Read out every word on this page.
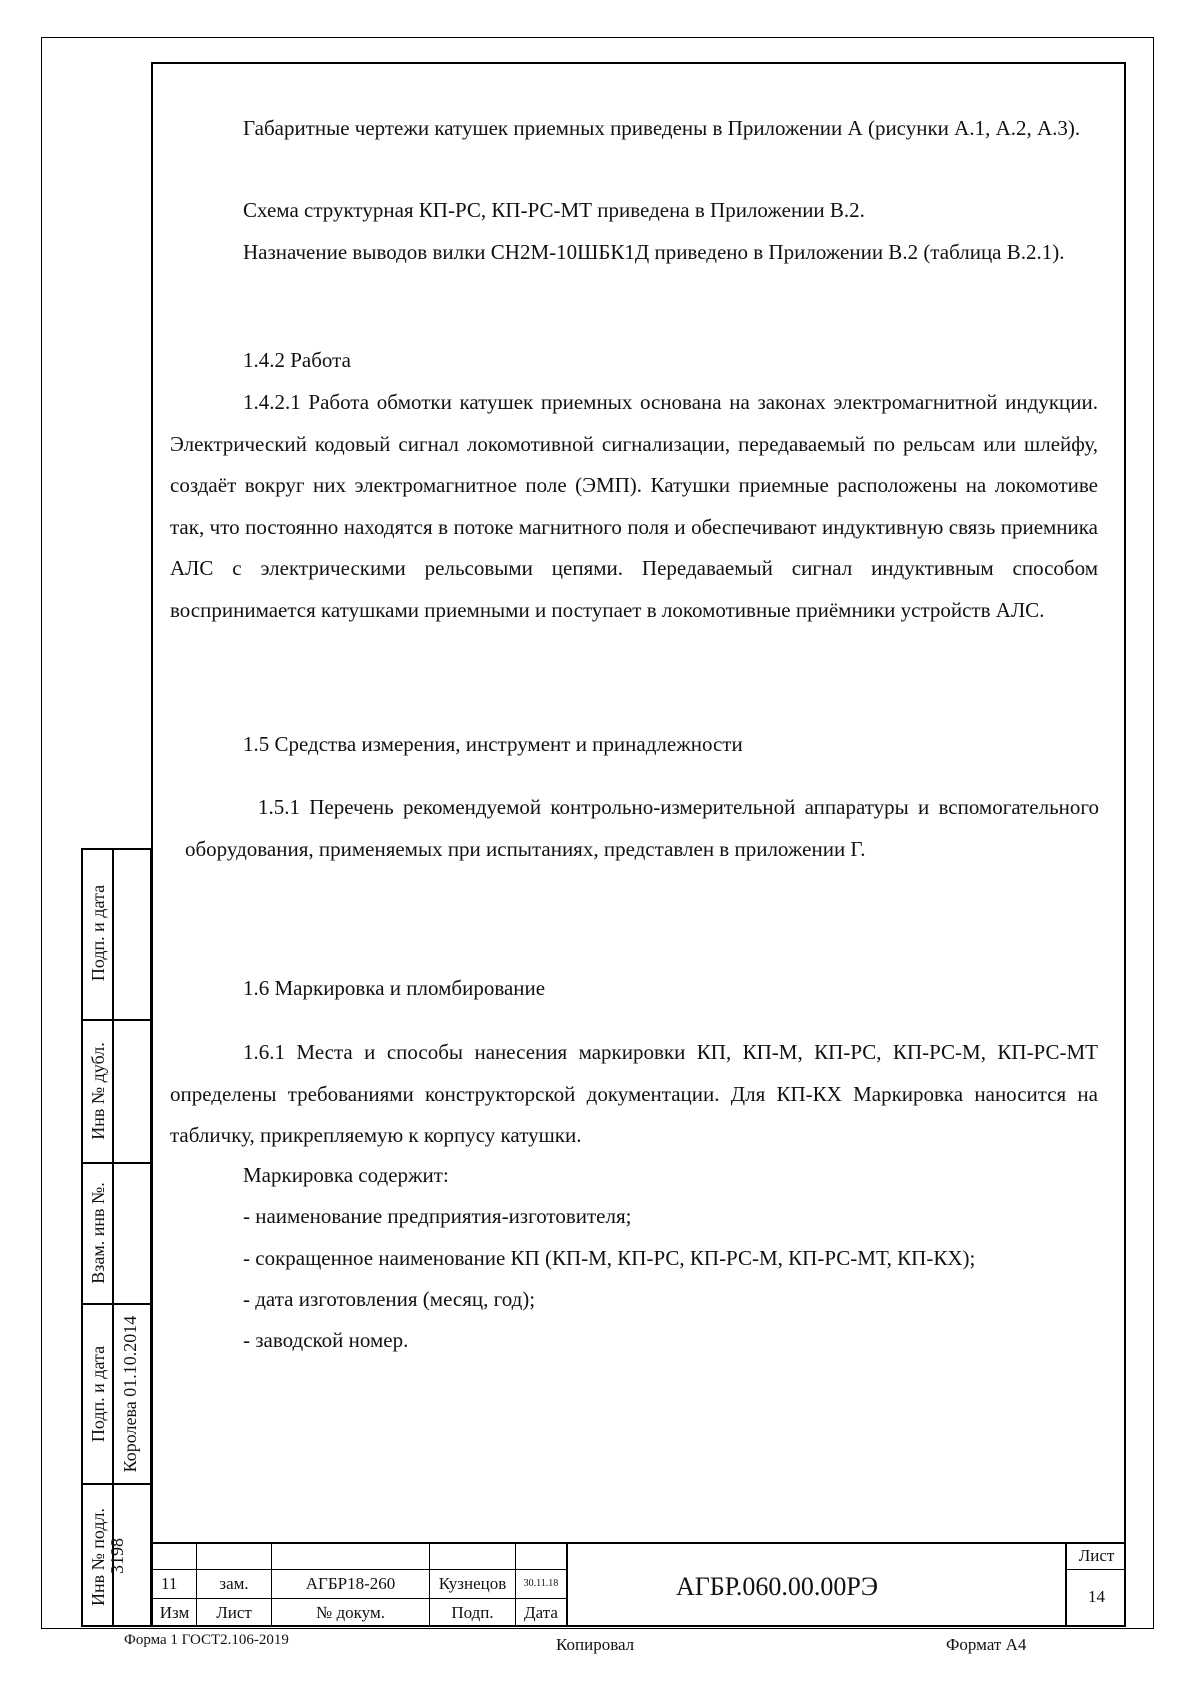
Габаритные чертежи катушек приемных приведены в Приложении А (рисунки А.1, А.2, А.3).

Схема структурная КП-РС, КП-РС-МТ приведена в Приложении В.2.

Назначение выводов вилки СН2М-10ШБК1Д приведено в Приложении В.2 (таблица В.2.1).

1.4.2 Работа

1.4.2.1 Работа обмотки катушек приемных основана на законах электромагнитной индукции. Электрический кодовый сигнал локомотивной сигнализации, передаваемый по рельсам или шлейфу, создаёт вокруг них электромагнитное поле (ЭМП). Катушки приемные расположены на локомотиве так, что постоянно находятся в потоке магнитного поля и обеспечивают индуктивную связь приемника АЛС с электрическими рельсовыми цепями. Передаваемый сигнал индуктивным способом воспринимается катушками приемными и поступает в локомотивные приёмники устройств АЛС.

1.5 Средства измерения, инструмент и принадлежности

1.5.1 Перечень рекомендуемой контрольно-измерительной аппаратуры и вспомогательного оборудования, применяемых при испытаниях, представлен в приложении Г.

1.6 Маркировка и пломбирование

1.6.1 Места и способы нанесения маркировки КП, КП-М, КП-РС, КП-РС-М, КП-РС-МТ определены требованиями конструкторской документации. Для КП-КХ Маркировка наносится на табличку, прикрепляемую к корпусу катушки.

Маркировка содержит:
- наименование предприятия-изготовителя;
- сокращенное наименование КП (КП-М, КП-РС, КП-РС-М, КП-РС-МТ, КП-КХ);
- дата изготовления (месяц, год);
- заводской номер.
Подп. и дата
Инв № дубл.
Взам. инв №.
Подп. и дата Королева 01.10.2014
Инв № подл. 3198
11	зам.	АГБР18-260	Кузнецов	30.11.18
Изм	Лист	№ докум.	Подп.	Дата
АГБР.060.00.00РЭ
Лист
14
Форма 1 ГОСТ2.106-2019	Копировал	Формат А4
